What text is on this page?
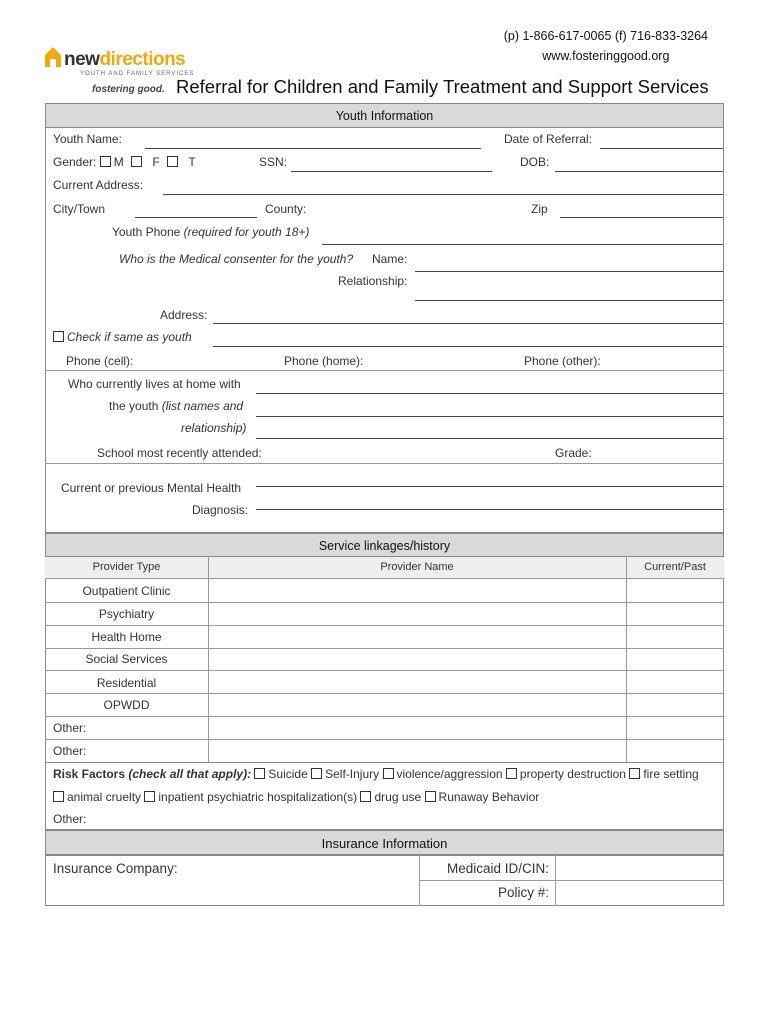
(p) 1-866-617-0065 (f) 716-833-3264
www.fosteringgood.org
newdirections
YOUTH AND FAMILY SERVICES
fostering good. Referral for Children and Family Treatment and Support Services
Youth Information
Youth Name:	Date of Referral:
Gender: M F T	SSN:	DOB:
Current Address:
City/Town	County:	Zip
Youth Phone (required for youth 18+)
Who is the Medical consenter for the youth? Name:
Relationship:
Address:
Check if same as youth
Phone (cell):	Phone (home):	Phone (other):
Who currently lives at home with
the youth (list names and
relationship)
School most recently attended:	Grade:
Current or previous Mental Health
Diagnosis:
Service linkages/history
Provider Type	Provider Name	Current/Past
Outpatient Clinic
Psychiatry
Health Home
Social Services
Residential
OPWDD
Other:
Other:
Risk Factors (check all that apply): Suicide Self-Injury violence/aggression property destruction fire setting
animal cruelty inpatient psychiatric hospitalization(s) drug use Runaway Behavior
Other:
Insurance Information
Insurance Company:	Medicaid ID/CIN:
Policy #:
